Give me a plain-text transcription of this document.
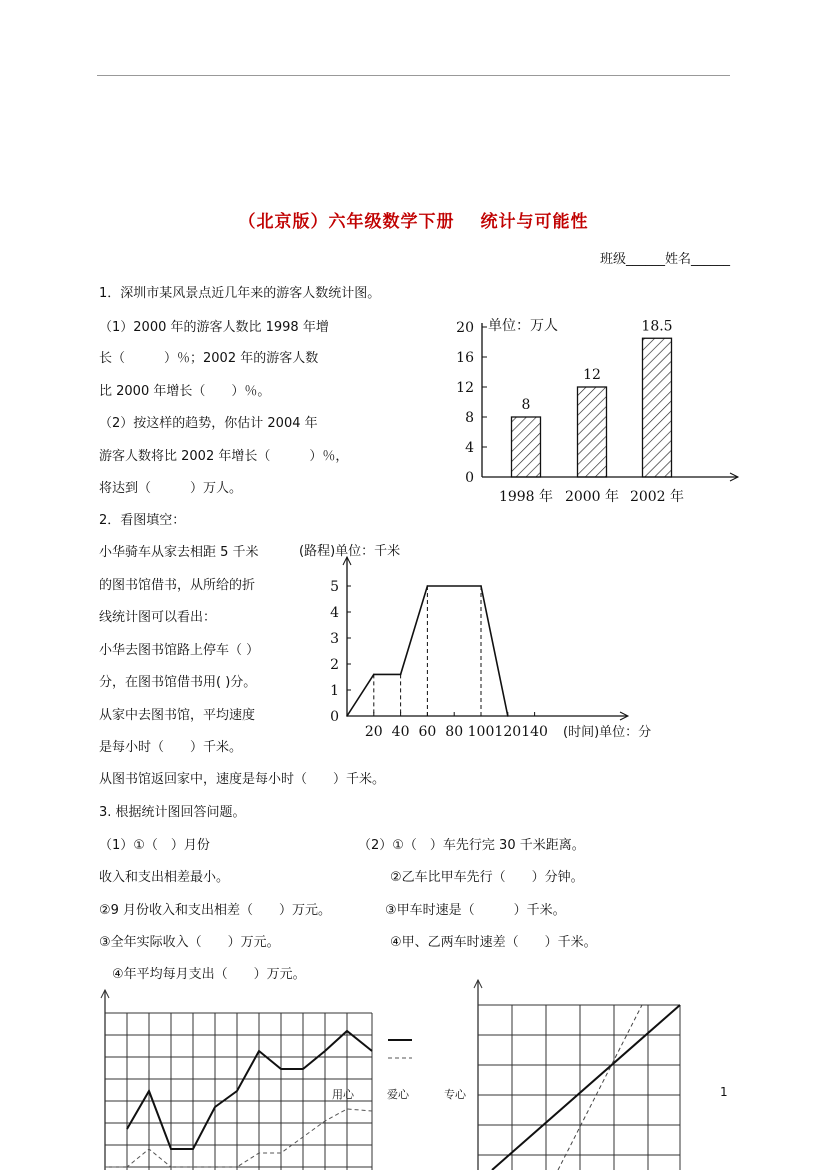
（北京版）六年级数学下册 统计与可能性
班级______姓名______
1．深圳市某风景点近几年来的游客人数统计图。
（1）2000 年的游客人数比 1998 年增
长（　　　）％；2002 年的游客人数
比 2000 年增长（　　）％。
（2）按这样的趋势，你估计 2004 年
游客人数将比 2002 年增长（　　　）％，
将达到（　　　）万人。
0
4
8
12
16
20 单位：万人
8
1998 年
12
2000 年
18.5
2002 年
2．看图填空：
小华骑车从家去相距 5 千米
的图书馆借书，从所给的折
线统计图可以看出：
小华去图书馆路上停车（ ）
分，在图书馆借书用( )分。
从家中去图书馆，平均速度
是每小时（　　）千米。
从图书馆返回家中，速度是每小时（　　）千米。
0
1
2
3
4
5
20 40 60 80 100 120 140
(路程)单位：千米
(时间)单位：分
3. 根据统计图回答问题。
（1）①（　）月份
收入和支出相差最小。
②9 月份收入和支出相差（　　）万元。
③全年实际收入（　　）万元。
④年平均每月支出（　　）万元。
（2）①（　）车先行完 30 千米距离。
②乙车比甲车先行（　　）分钟。
③甲车时速是（　　　）千米。
④甲、乙两车时速差（　　）千米。
用心	爱心	专心	1
